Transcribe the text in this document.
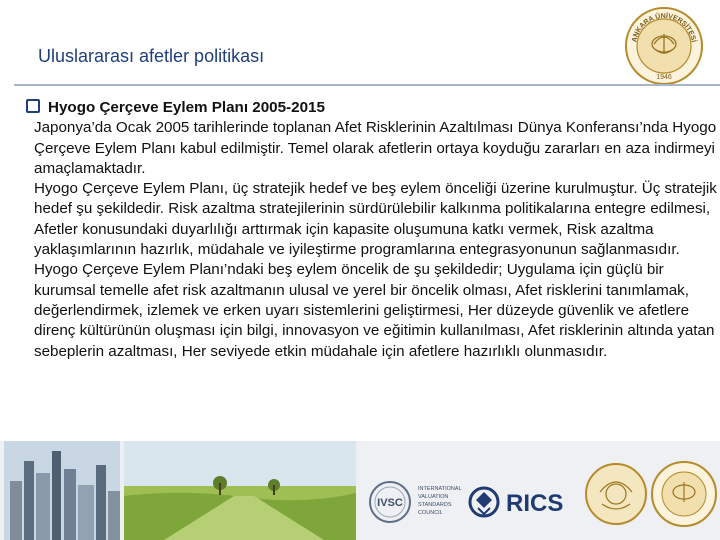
Uluslararası afetler politikası
ANKARA ÜNİVERSİTESİ
1946
Hyogo Çerçeve Eylem Planı 2005-2015
Japonya’da Ocak 2005 tarihlerinde toplanan Afet Risklerinin Azaltılması Dünya Konferansı’nda Hyogo Çerçeve Eylem Planı kabul edilmiştir. Temel olarak afetlerin ortaya koyduğu zararları en aza indirmeyi amaçlamaktadır.
Hyogo Çerçeve Eylem Planı, üç stratejik hedef ve beş eylem önceliği üzerine kurulmuştur. Üç stratejik hedef şu şekildedir. Risk azaltma stratejilerinin sürdürülebilir kalkınma politikalarına entegre edilmesi, Afetler konusundaki duyarlılığı arttırmak için kapasite oluşumuna katkı vermek, Risk azaltma yaklaşımlarının hazırlık, müdahale ve iyileştirme programlarına entegrasyonunun sağlanmasıdır. Hyogo Çerçeve Eylem Planı’ndaki beş eylem öncelik de şu şekildedir; Uygulama için güçlü bir kurumsal temelle afet risk azaltmanın ulusal ve yerel bir öncelik olması, Afet risklerini tanımlamak, değerlendirmek, izlemek ve erken uyarı sistemlerini geliştirmesi, Her düzeyde güvenlik ve afetlere direnç kültürünün oluşması için bilgi, innovasyon ve eğitimin kullanılması, Afet risklerinin altında yatan sebeplerin azaltması, Her seviyede etkin müdahale için afetlere hazırlıklı olunmasıdır.
IVSC
INTERNATIONAL
VALUATION
STANDARDS
COUNCIL	RICS
